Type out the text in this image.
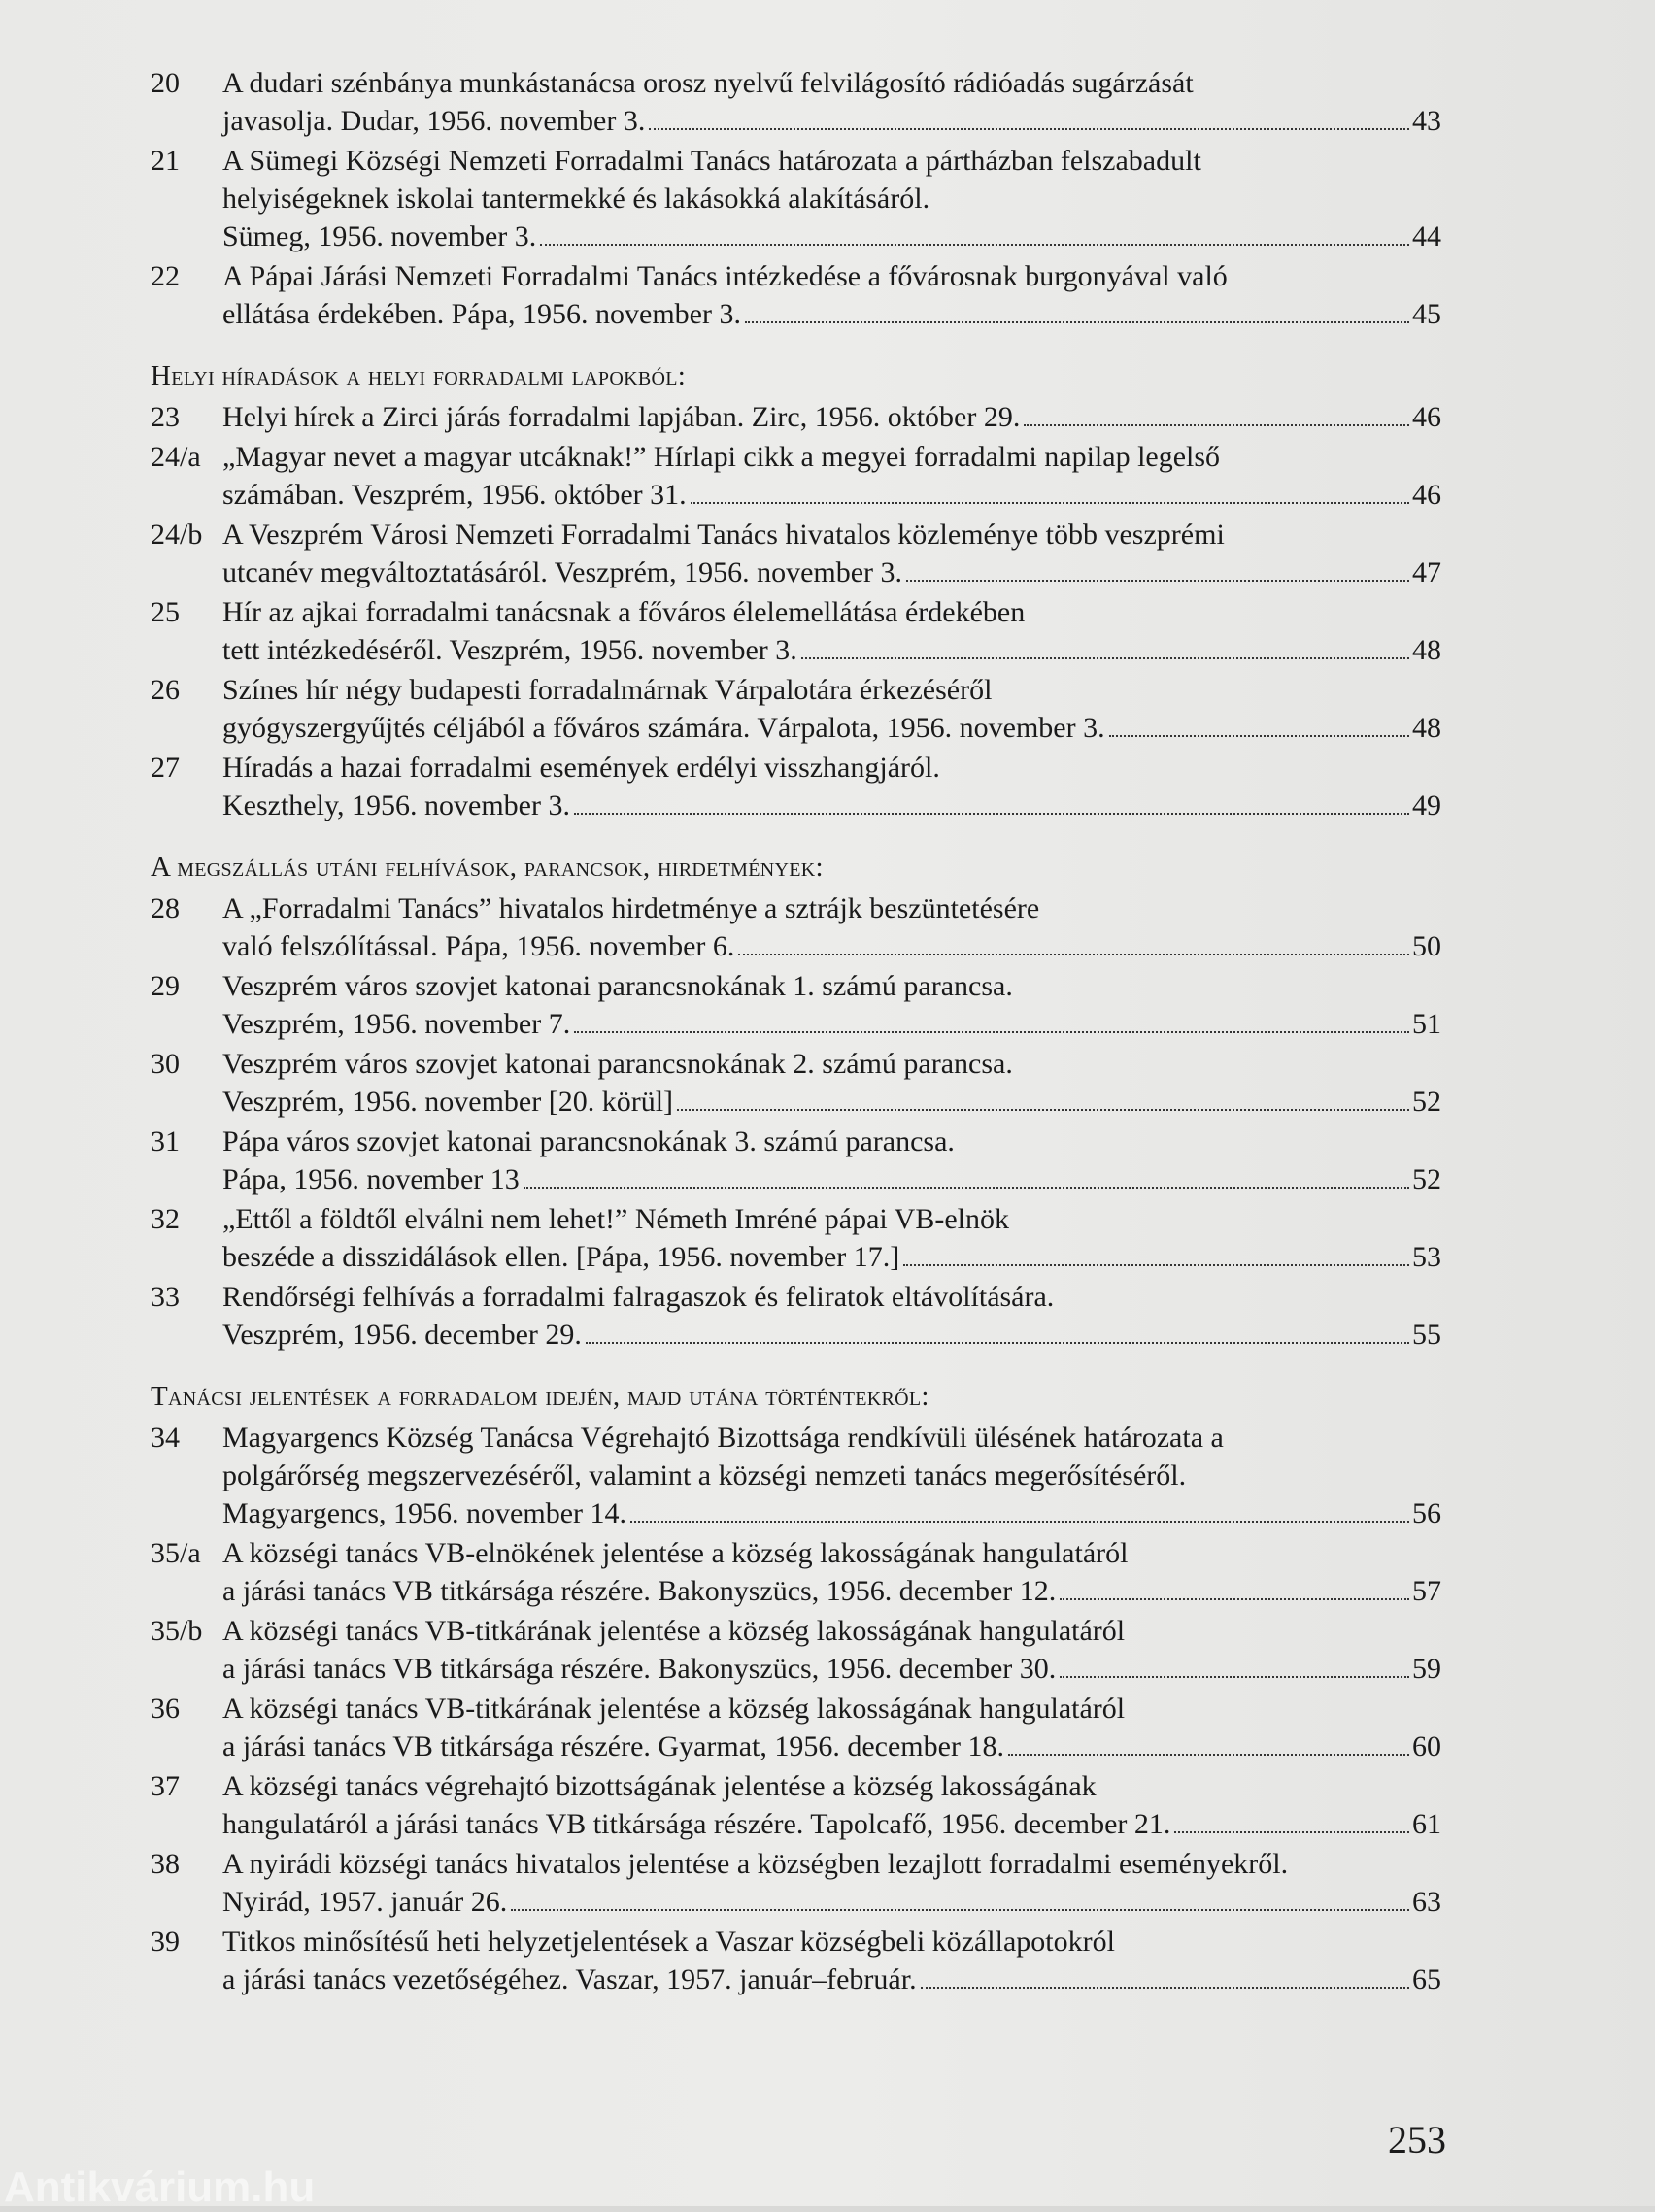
20	A dudari szénbánya munkástanácsa orosz nyelvű felvilágosító rádióadás sugárzását
javasolja. Dudar, 1956. november 3.	43
21	A Sümegi Községi Nemzeti Forradalmi Tanács határozata a pártházban felszabadult
helyiségeknek iskolai tantermekké és lakásokká alakításáról.
Sümeg, 1956. november 3.	44
22	A Pápai Járási Nemzeti Forradalmi Tanács intézkedése a fővárosnak burgonyával való
ellátása érdekében. Pápa, 1956. november 3.	45
Helyi híradások a helyi forradalmi lapokból:
23	Helyi hírek a Zirci járás forradalmi lapjában. Zirc, 1956. október 29.	46
24/a „Magyar nevet a magyar utcáknak!” Hírlapi cikk a megyei forradalmi napilap legelső
számában. Veszprém, 1956. október 31.	46
24/b A Veszprém Városi Nemzeti Forradalmi Tanács hivatalos közleménye több veszprémi
utcanév megváltoztatásáról. Veszprém, 1956. november 3.	47
25	Hír az ajkai forradalmi tanácsnak a főváros élelemellátása érdekében
tett intézkedéséről. Veszprém, 1956. november 3.	48
26	Színes hír négy budapesti forradalmárnak Várpalotára érkezéséről
gyógyszergyűjtés céljából a főváros számára. Várpalota, 1956. november 3.	48
27	Híradás a hazai forradalmi események erdélyi visszhangjáról.
Keszthely, 1956. november 3.	49
A megszállás utáni felhívások, parancsok, hirdetmények:
28	A „Forradalmi Tanács” hivatalos hirdetménye a sztrájk beszüntetésére
való felszólítással. Pápa, 1956. november 6.	50
29	Veszprém város szovjet katonai parancsnokának 1. számú parancsa.
Veszprém, 1956. november 7.	51
30	Veszprém város szovjet katonai parancsnokának 2. számú parancsa.
Veszprém, 1956. november [20. körül]	52
31	Pápa város szovjet katonai parancsnokának 3. számú parancsa.
Pápa, 1956. november 13	52
32	„Ettől a földtől elválni nem lehet!” Németh Imréné pápai VB-elnök
beszéde a disszidálások ellen. [Pápa, 1956. november 17.]	53
33	Rendőrségi felhívás a forradalmi falragaszok és feliratok eltávolítására.
Veszprém, 1956. december 29.	55
Tanácsi jelentések a forradalom idején, majd utána történtekről:
34	Magyargencs Község Tanácsa Végrehajtó Bizottsága rendkívüli ülésének határozata a
polgárőrség megszervezéséről, valamint a községi nemzeti tanács megerősítéséről.
Magyargencs, 1956. november 14.	56
35/a A községi tanács VB-elnökének jelentése a község lakosságának hangulatáról
a járási tanács VB titkársága részére. Bakonyszücs, 1956. december 12.	57
35/b A községi tanács VB-titkárának jelentése a község lakosságának hangulatáról
a járási tanács VB titkársága részére. Bakonyszücs, 1956. december 30.	59
36	A községi tanács VB-titkárának jelentése a község lakosságának hangulatáról
a járási tanács VB titkársága részére. Gyarmat, 1956. december 18.	60
37	A községi tanács végrehajtó bizottságának jelentése a község lakosságának
hangulatáról a járási tanács VB titkársága részére. Tapolcafő, 1956. december 21.	61
38	A nyirádi községi tanács hivatalos jelentése a községben lezajlott forradalmi eseményekről.
Nyirád, 1957. január 26.	63
39	Titkos minősítésű heti helyzetjelentések a Vaszar községbeli közállapotokról
a járási tanács vezetőségéhez. Vaszar, 1957. január–február.	65
253
Antikvárium.hu
